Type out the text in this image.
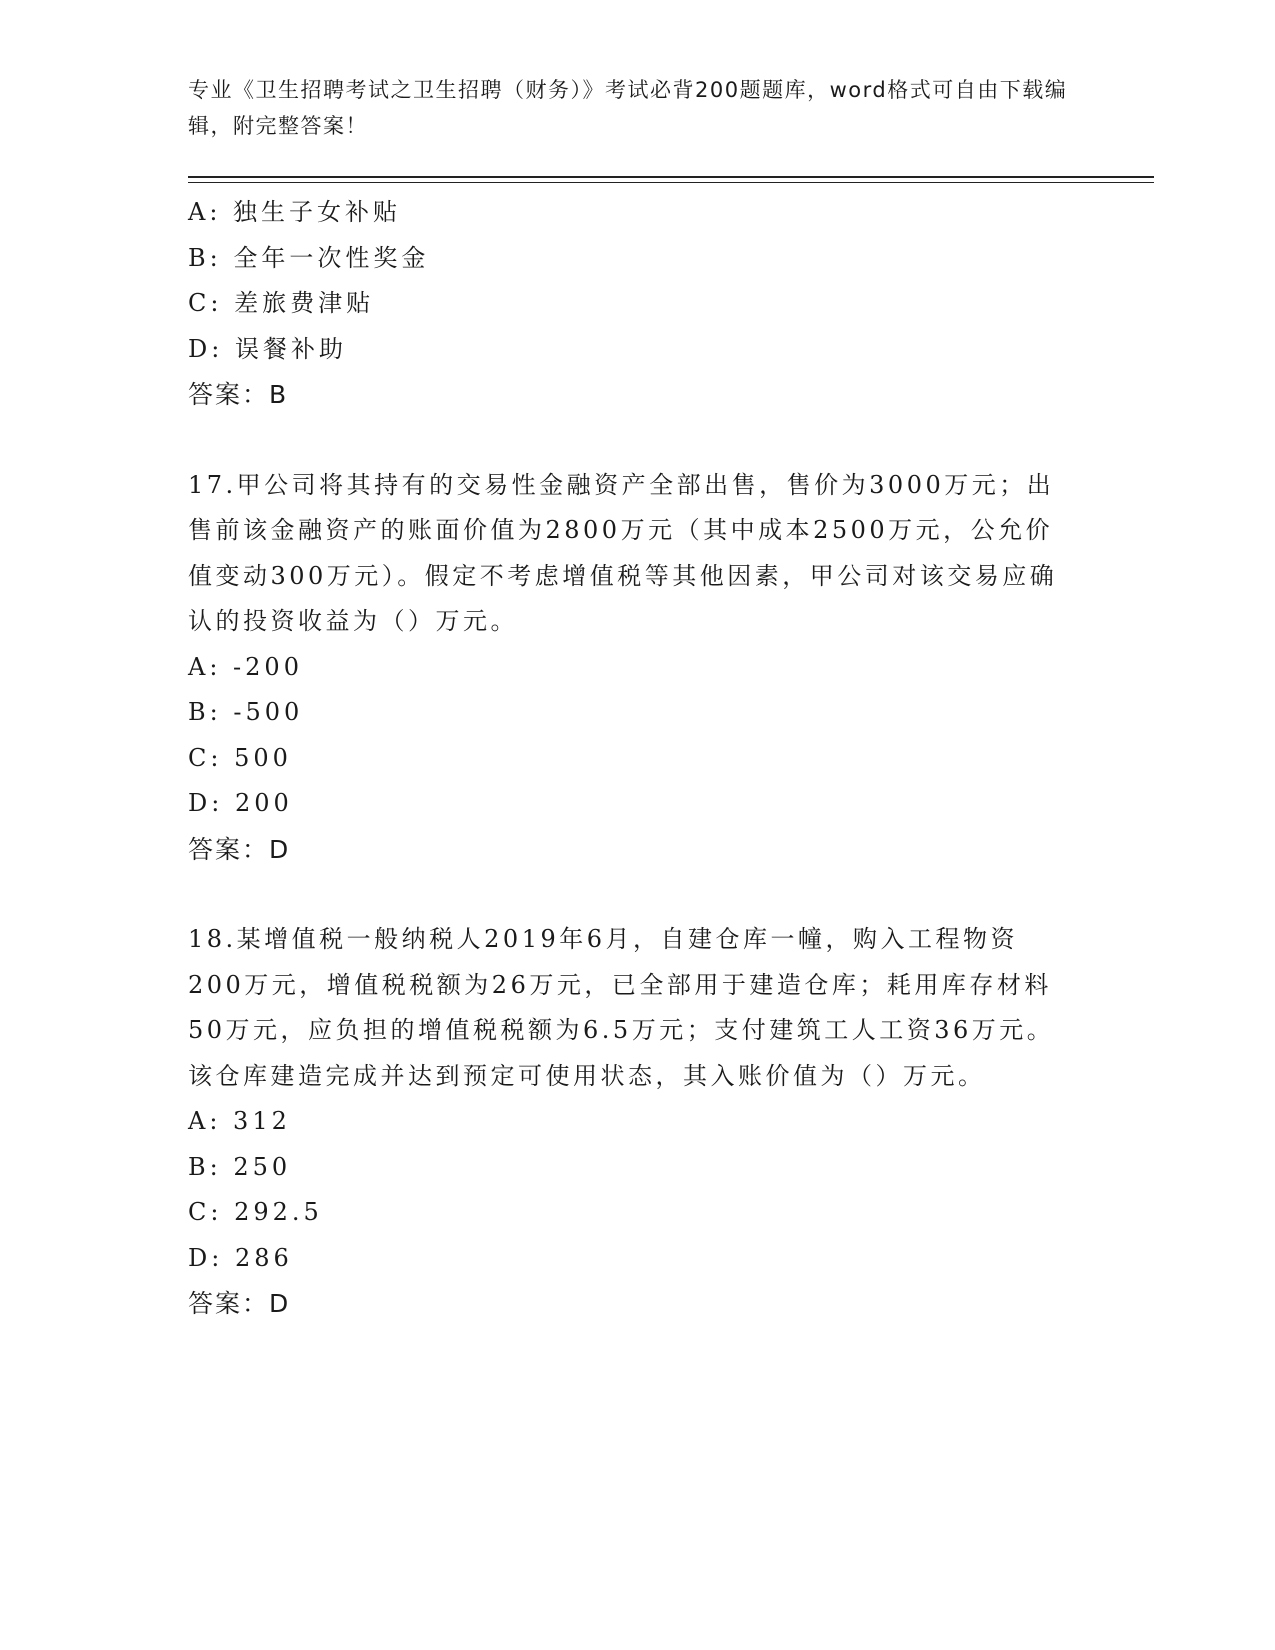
专业《卫生招聘考试之卫生招聘（财务）》考试必背200题题库，word格式可自由下载编辑，附完整答案！
A: 独生子女补贴
B: 全年一次性奖金
C: 差旅费津贴
D: 误餐补助
答案：B
17.甲公司将其持有的交易性金融资产全部出售，售价为3000万元；出售前该金融资产的账面价值为2800万元（其中成本2500万元，公允价值变动300万元）。假定不考虑增值税等其他因素，甲公司对该交易应确认的投资收益为（）万元。
A: -200
B: -500
C: 500
D: 200
答案：D
18.某增值税一般纳税人2019年6月，自建仓库一幢，购入工程物资200万元，增值税税额为26万元，已全部用于建造仓库；耗用库存材料50万元，应负担的增值税税额为6.5万元；支付建筑工人工资36万元。该仓库建造完成并达到预定可使用状态，其入账价值为（）万元。
A: 312
B: 250
C: 292.5
D: 286
答案：D
